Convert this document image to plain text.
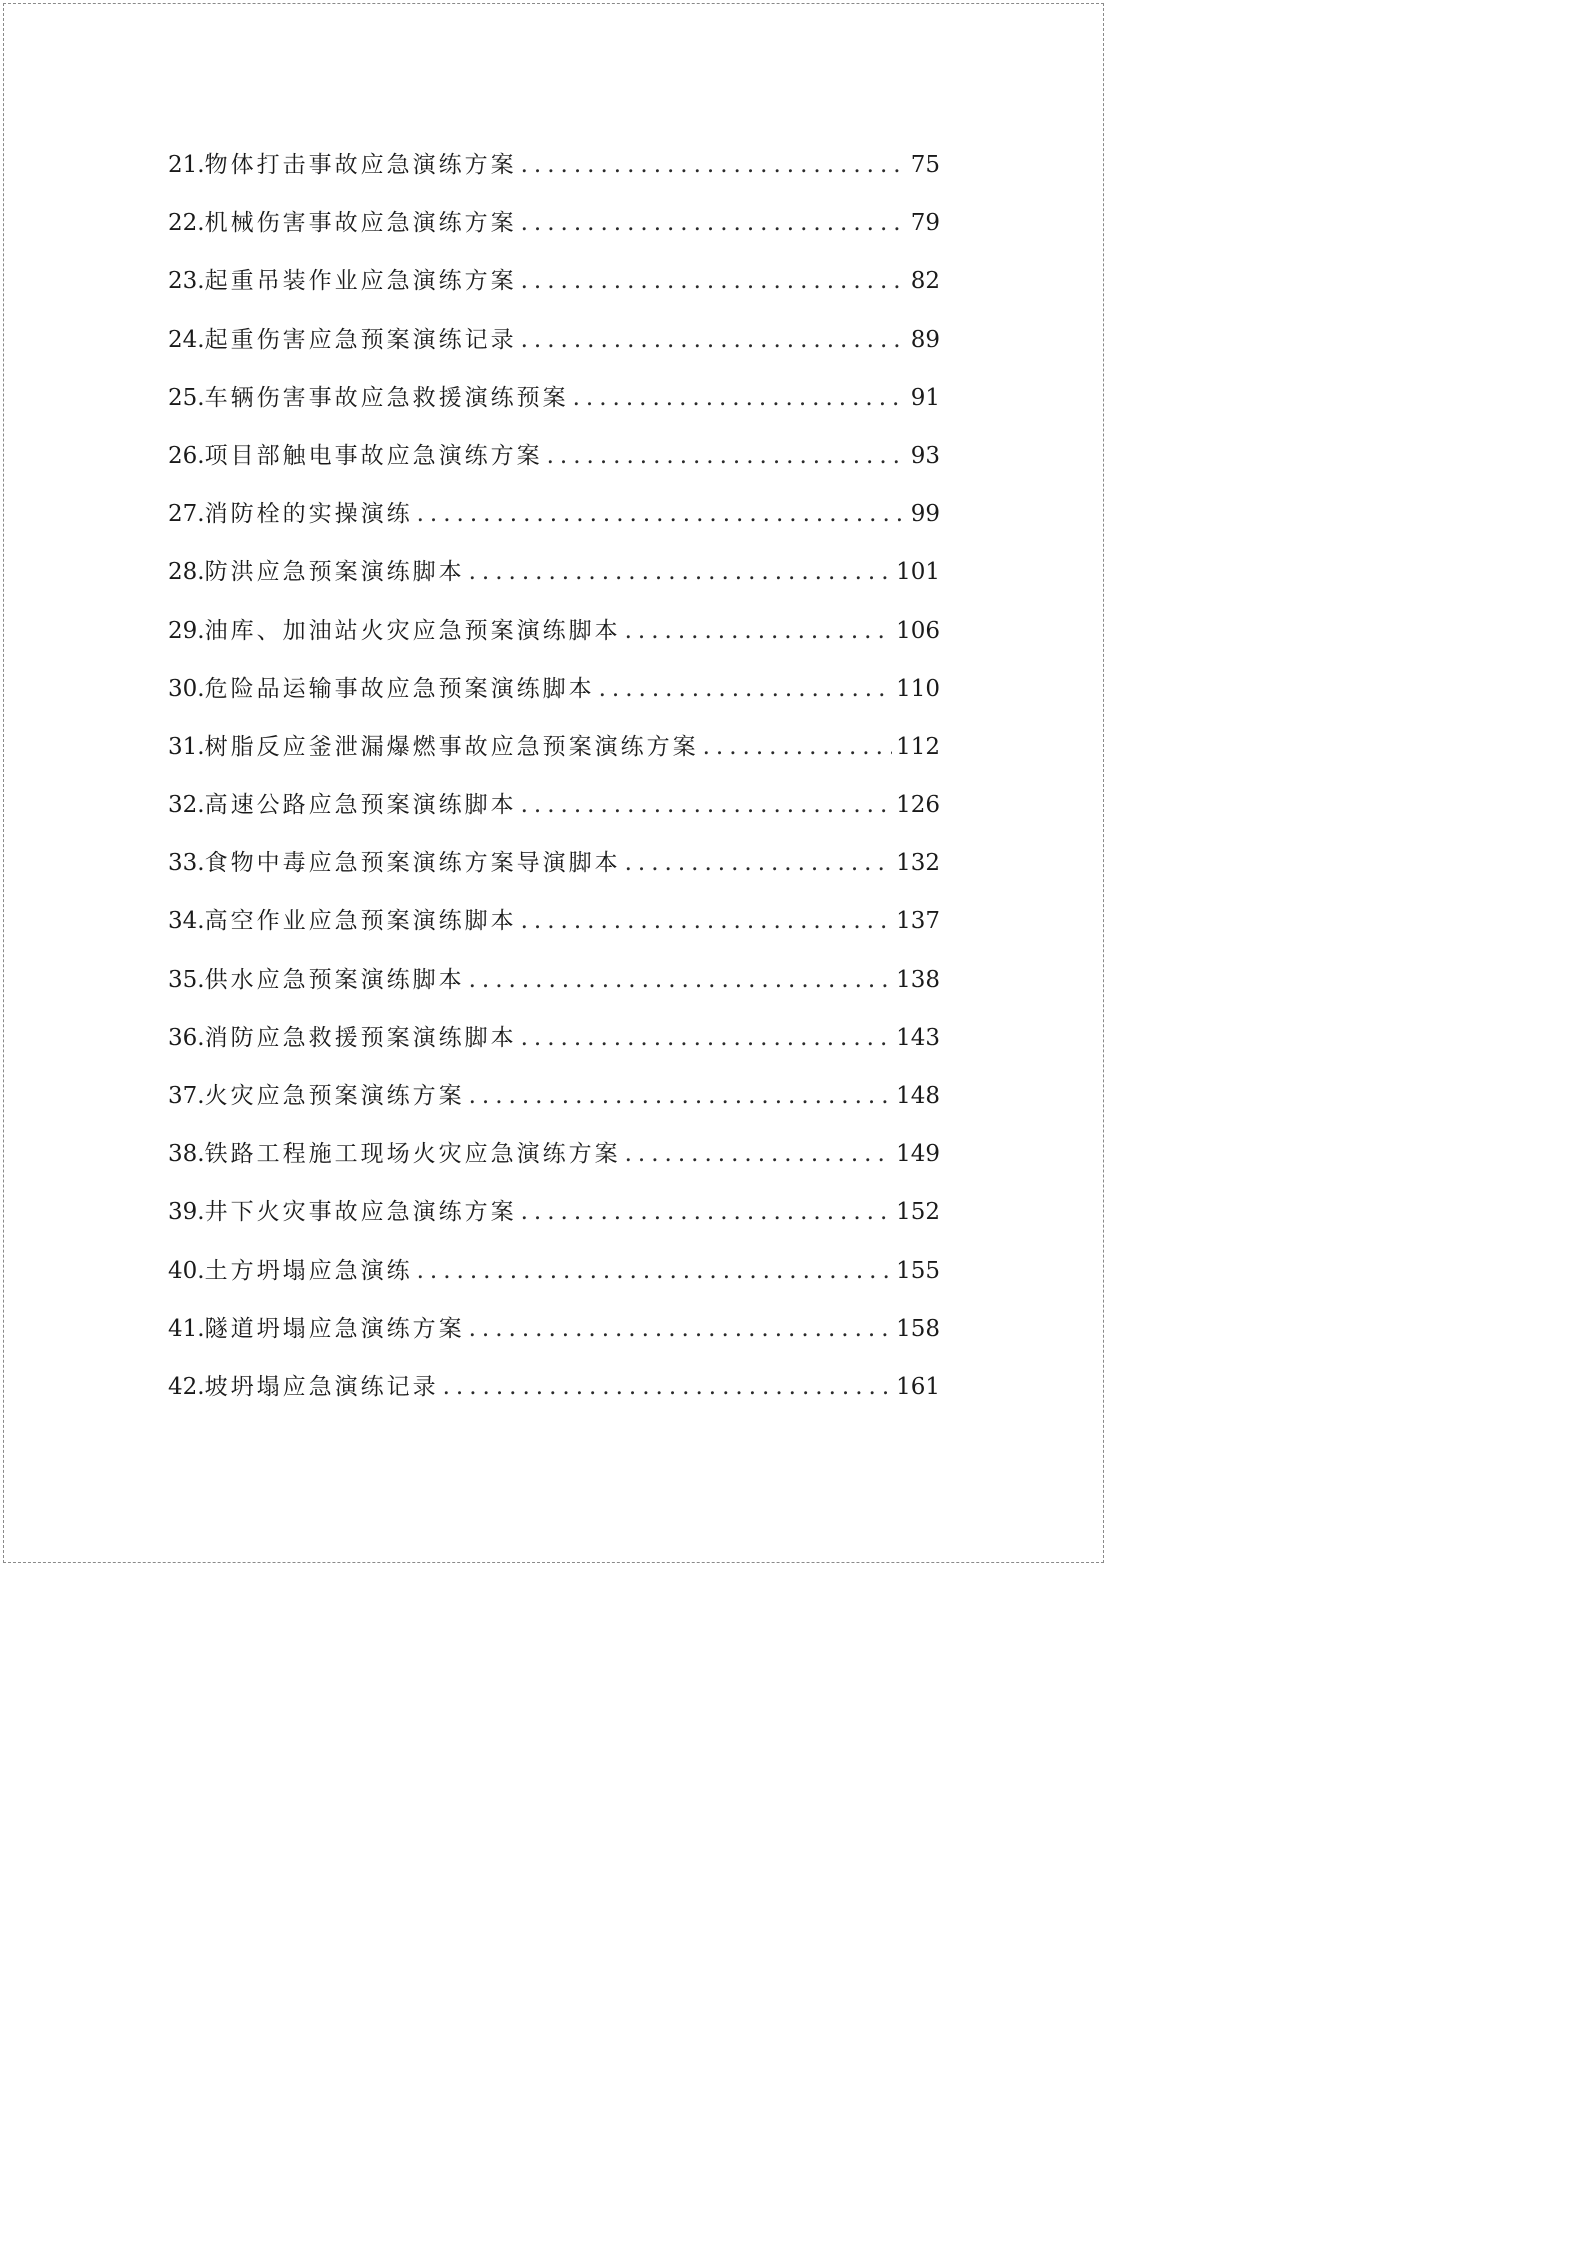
21. 物体打击事故应急演练方案 .....	75
22. 机械伤害事故应急演练方案 .....	79
23. 起重吊装作业应急演练方案 .....	82
24. 起重伤害应急预案演练记录 .....	89
25. 车辆伤害事故应急救援演练预案 .....	91
26. 项目部触电事故应急演练方案 .....	93
27. 消防栓的实操演练 .....	99
28. 防洪应急预案演练脚本 .....	101
29. 油库、加油站火灾应急预案演练脚本 .....	106
30. 危险品运输事故应急预案演练脚本 .....	110
31. 树脂反应釜泄漏爆燃事故应急预案演练方案 .....	112
32. 高速公路应急预案演练脚本 .....	126
33. 食物中毒应急预案演练方案导演脚本 .....	132
34. 高空作业应急预案演练脚本 .....	137
35. 供水应急预案演练脚本 .....	138
36. 消防应急救援预案演练脚本 .....	143
37. 火灾应急预案演练方案 .....	148
38. 铁路工程施工现场火灾应急演练方案 .....	149
39. 井下火灾事故应急演练方案 .....	152
40. 土方坍塌应急演练 .....	155
41. 隧道坍塌应急演练方案 .....	158
42. 坡坍塌应急演练记录 .....	161
